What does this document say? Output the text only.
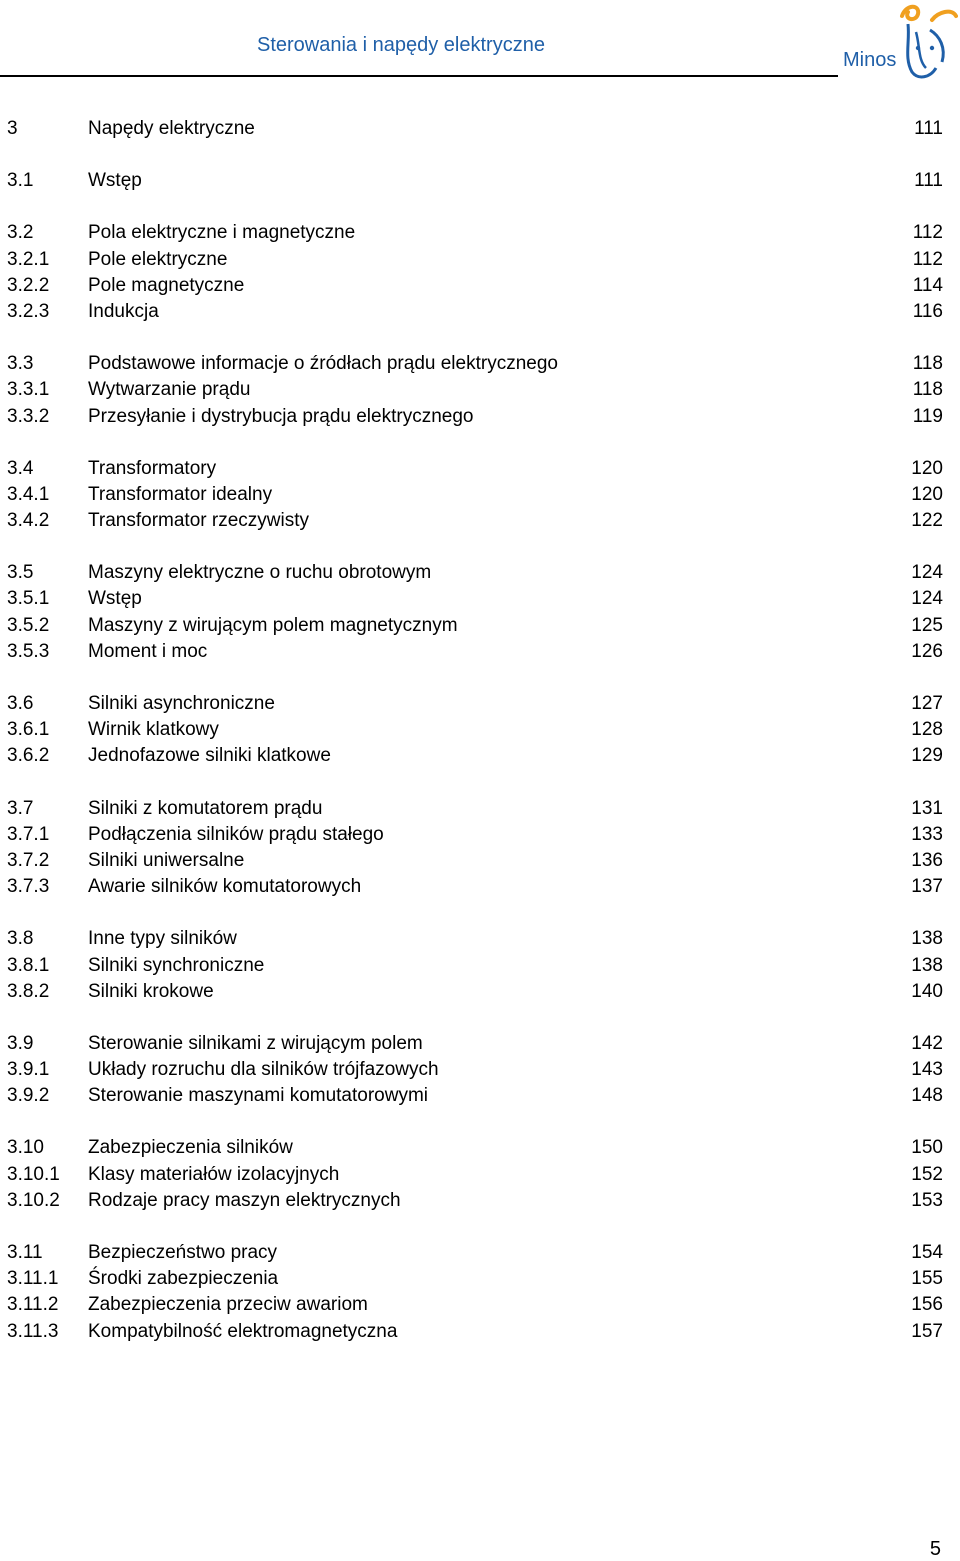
Sterowania i napędy elektryczne
Minos
3	Napędy elektryczne	111
3.1	Wstęp	111
3.2	Pola elektryczne i magnetyczne	112
3.2.1	Pole elektryczne	112
3.2.2	Pole magnetyczne	114
3.2.3	Indukcja	116
3.3	Podstawowe informacje o źródłach prądu elektrycznego	118
3.3.1	Wytwarzanie prądu	118
3.3.2	Przesyłanie i dystrybucja prądu elektrycznego	119
3.4	Transformatory	120
3.4.1	Transformator idealny	120
3.4.2	Transformator rzeczywisty	122
3.5	Maszyny elektryczne o ruchu obrotowym	124
3.5.1	Wstęp	124
3.5.2	Maszyny z wirującym polem magnetycznym	125
3.5.3	Moment i moc	126
3.6	Silniki asynchroniczne	127
3.6.1	Wirnik klatkowy	128
3.6.2	Jednofazowe silniki klatkowe	129
3.7	Silniki z komutatorem prądu	131
3.7.1	Podłączenia silników prądu stałego	133
3.7.2	Silniki uniwersalne	136
3.7.3	Awarie silników komutatorowych	137
3.8	Inne typy silników	138
3.8.1	Silniki synchroniczne	138
3.8.2	Silniki krokowe	140
3.9	Sterowanie silnikami z wirującym polem	142
3.9.1	Układy rozruchu dla silników trójfazowych	143
3.9.2	Sterowanie maszynami komutatorowymi	148
3.10	Zabezpieczenia silników	150
3.10.1	Klasy materiałów izolacyjnych	152
3.10.2	Rodzaje pracy maszyn elektrycznych	153
3.11	Bezpieczeństwo pracy	154
3.11.1	Środki zabezpieczenia	155
3.11.2	Zabezpieczenia przeciw awariom	156
3.11.3	Kompatybilność elektromagnetyczna	157
5
